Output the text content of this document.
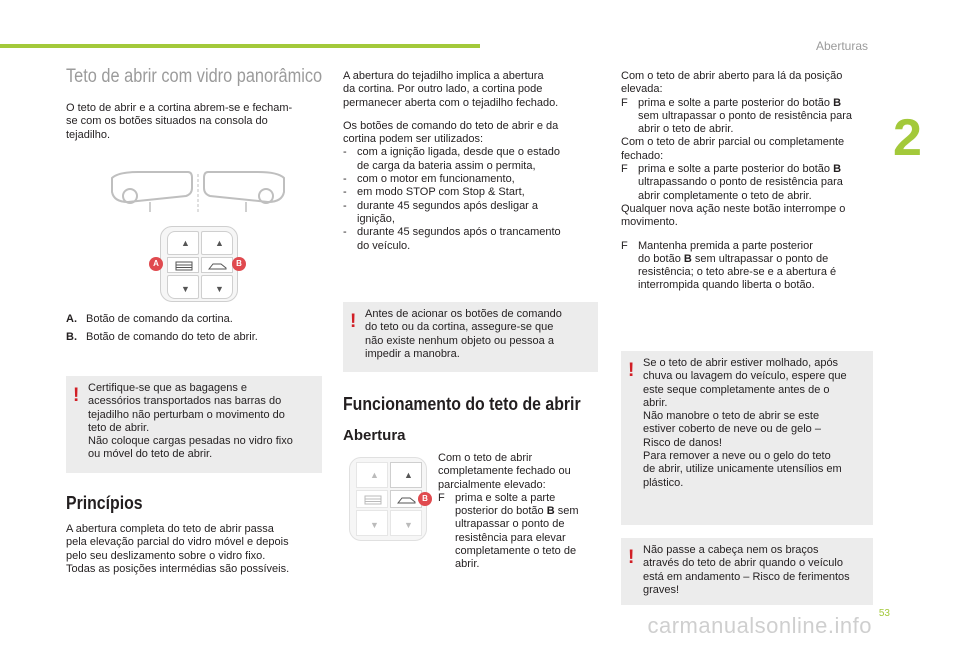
Aberturas
2
Teto de abrir com vidro panorâmico

O teto de abrir e a cortina abrem-se e fecham-
se com os botões situados na consola do
tejadilho.

▲	▲
▼	▼
A	B
A. Botão de comando da cortina.
B. Botão de comando do teto de abrir.
! Certifique-se que as bagagens e
acessórios transportados nas barras do
tejadilho não perturbam o movimento do
teto de abrir.
Não coloque cargas pesadas no vidro fixo
ou móvel do teto de abrir.

Princípios

A abertura completa do teto de abrir passa
pela elevação parcial do vidro móvel e depois
pelo seu deslizamento sobre o vidro fixo.
Todas as posições intermédias são possíveis.

A abertura do tejadilho implica a abertura
da cortina. Por outro lado, a cortina pode
permanecer aberta com o tejadilho fechado.

Os botões de comando do teto de abrir e da
cortina podem ser utilizados:

- com a ignição ligada, desde que o estado
de carga da bateria assim o permita,

- com o motor em funcionamento,

- em modo STOP com Stop & Start,

- durante 45 segundos após desligar a
ignição,

- durante 45 segundos após o trancamento
do veículo.

! Antes de acionar os botões de comando
do teto ou da cortina, assegure-se que
não existe nenhum objeto ou pessoa a
impedir a manobra.

Funcionamento do teto de abrir
Abertura
▲	▲
▼	▼
B

Com o teto de abrir
completamente fechado ou
parcialmente elevado:

F prima e solte a parte
posterior do botão B sem
ultrapassar o ponto de
resistência para elevar
completamente o teto de
abrir.

Com o teto de abrir aberto para lá da posição
elevada:

F prima e solte a parte posterior do botão B
sem ultrapassar o ponto de resistência para
abrir o teto de abrir.

Com o teto de abrir parcial ou completamente
fechado:

F prima e solte a parte posterior do botão B
ultrapassando o ponto de resistência para
abrir completamente o teto de abrir.

Qualquer nova ação neste botão interrompe o
movimento.

F Mantenha premida a parte posterior
do botão B sem ultrapassar o ponto de
resistência; o teto abre-se e a abertura é
interrompida quando liberta o botão.

! Se o teto de abrir estiver molhado, após
chuva ou lavagem do veículo, espere que
este seque completamente antes de o
abrir.
Não manobre o teto de abrir se este
estiver coberto de neve ou de gelo –
Risco de danos!
Para remover a neve ou o gelo do teto
de abrir, utilize unicamente utensílios em
plástico.

! Não passe a cabeça nem os braços
através do teto de abrir quando o veículo
está em andamento – Risco de ferimentos
graves!

53
carmanualsonline.info
